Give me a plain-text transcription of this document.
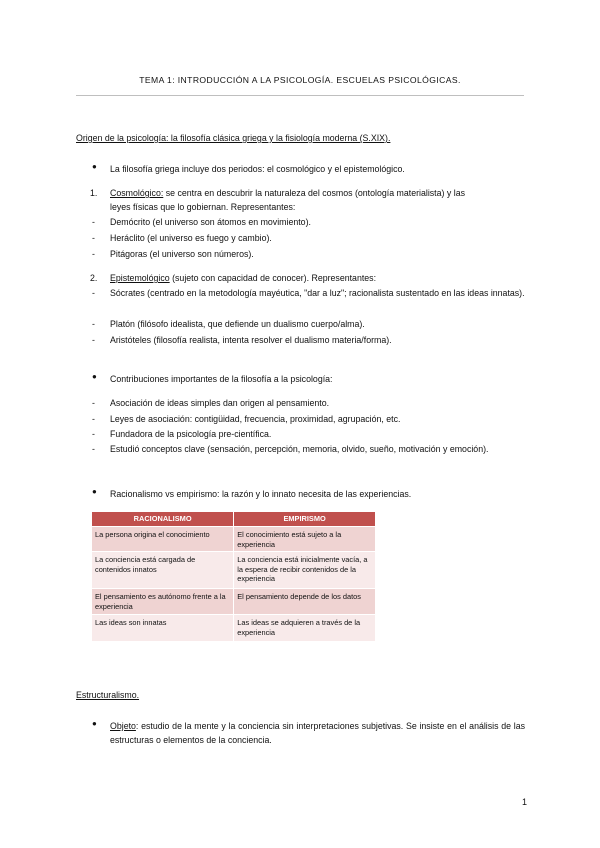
TEMA 1: INTRODUCCIÓN A LA PSICOLOGÍA. ESCUELAS PSICOLÓGICAS.
Origen de la psicología: la filosofía clásica griega y la fisiología moderna (S.XIX).
● La filosofía griega incluye dos periodos: el cosmológico y el epistemológico.
1. Cosmológico: se centra en descubrir la naturaleza del cosmos (ontología materialista) y las
leyes físicas que lo gobiernan. Representantes:
- Demócrito (el universo son átomos en movimiento).
- Heráclito (el universo es fuego y cambio).
- Pitágoras (el universo son números).
2. Epistemológico (sujeto con capacidad de conocer). Representantes:
- Sócrates (centrado en la metodología mayéutica, "dar a luz"; racionalista sustentado en las ideas innatas).
- Platón (filósofo idealista, que defiende un dualismo cuerpo/alma).
- Aristóteles (filosofía realista, intenta resolver el dualismo materia/forma).
● Contribuciones importantes de la filosofía a la psicología:
- Asociación de ideas simples dan origen al pensamiento.
- Leyes de asociación: contigüidad, frecuencia, proximidad, agrupación, etc.
- Fundadora de la psicología pre-científica.
- Estudió conceptos clave (sensación, percepción, memoria, olvido, sueño, motivación y emoción).
● Racionalismo vs empirismo: la razón y lo innato necesita de las experiencias.
RACIONALISMO	EMPIRISMO
La persona origina el conocimiento	El conocimiento está sujeto a la experiencia
La conciencia está cargada de contenidos innatos	La conciencia está inicialmente vacía, a la espera de recibir contenidos de la experiencia
El pensamiento es autónomo frente a la experiencia	El pensamiento depende de los datos
Las ideas son innatas	Las ideas se adquieren a través de la experiencia
Estructuralismo.
● Objeto: estudio de la mente y la conciencia sin interpretaciones subjetivas. Se insiste en el análisis de las estructuras o elementos de la conciencia.
1
